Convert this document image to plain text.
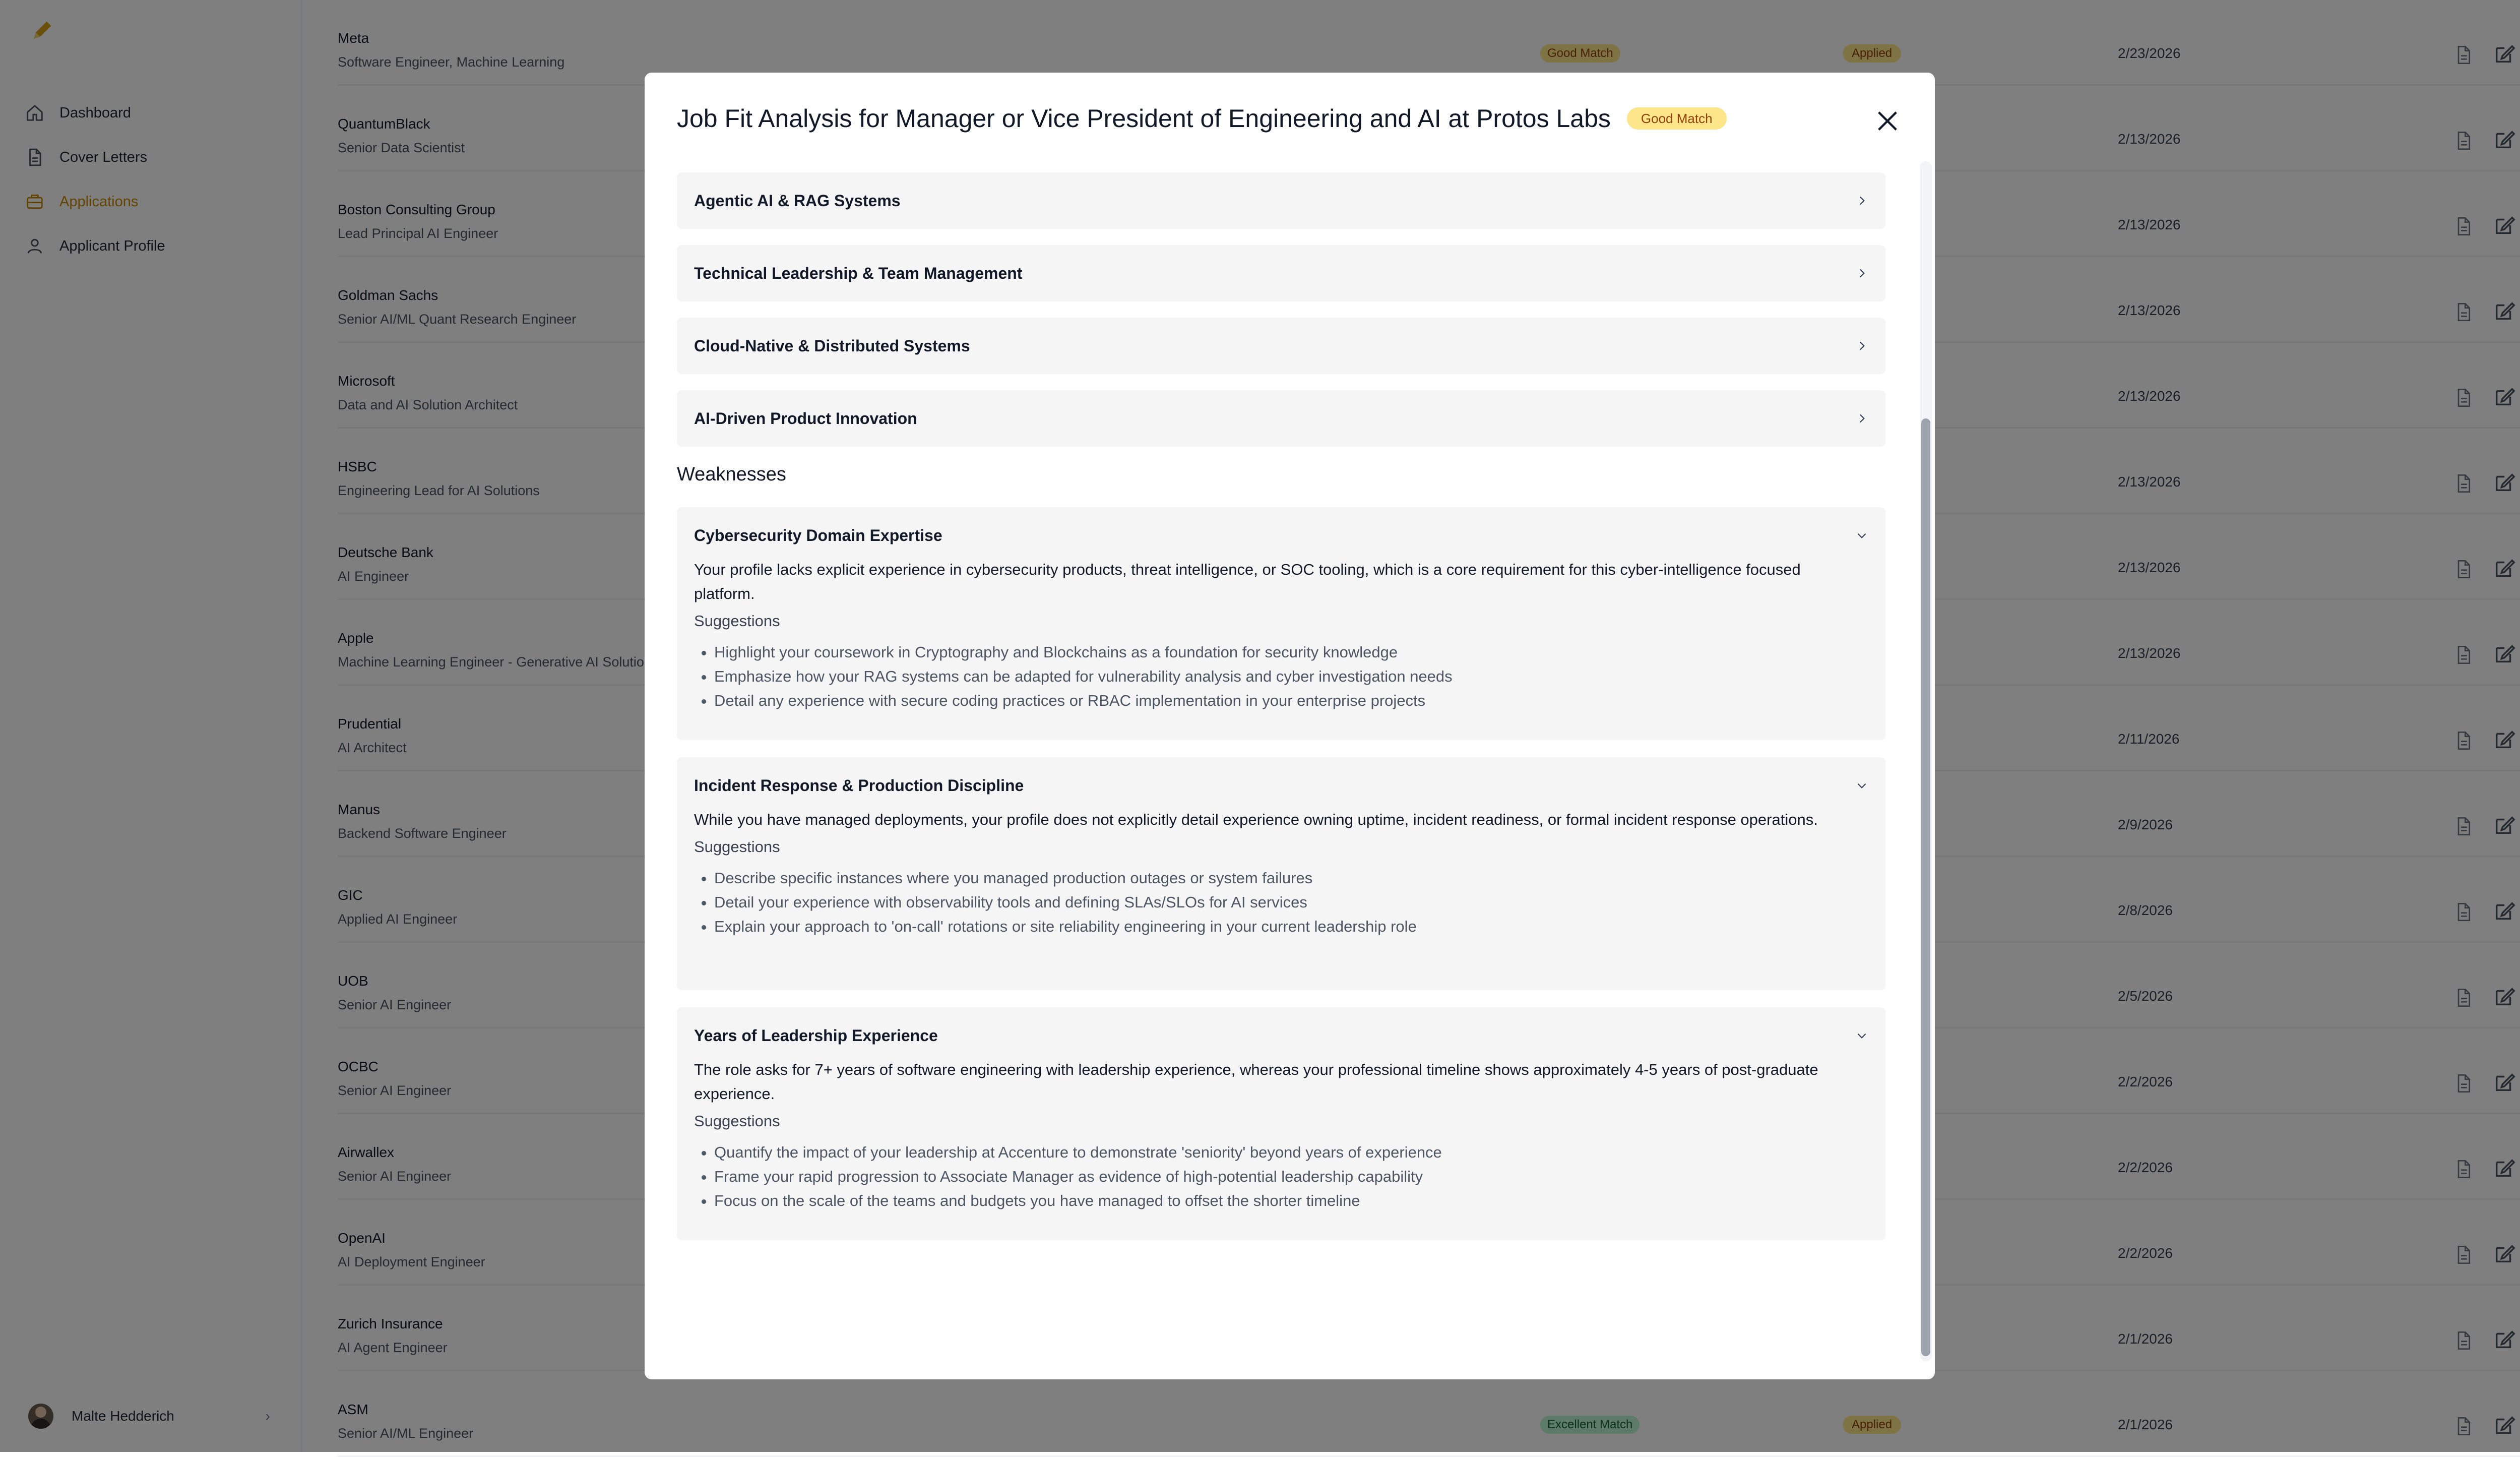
Job Fit Analysis for Manager or Vice President of Engineering and AI at Protos Labs	Good Match
Agentic AI & RAG Systems
Technical Leadership & Team Management
Cloud-Native & Distributed Systems
AI-Driven Product Innovation
Weaknesses
Cybersecurity Domain Expertise
Your profile lacks explicit experience in cybersecurity products, threat intelligence, or SOC tooling, which is a core requirement for this cyber-intelligence focused platform.
Suggestions
• Highlight your coursework in Cryptography and Blockchains as a foundation for security knowledge
• Emphasize how your RAG systems can be adapted for vulnerability analysis and cyber investigation needs
• Detail any experience with secure coding practices or RBAC implementation in your enterprise projects
Incident Response & Production Discipline
While you have managed deployments, your profile does not explicitly detail experience owning uptime, incident readiness, or formal incident response operations.
Suggestions
• Describe specific instances where you managed production outages or system failures
• Detail your experience with observability tools and defining SLAs/SLOs for AI services
• Explain your approach to 'on-call' rotations or site reliability engineering in your current leadership role
Years of Leadership Experience
The role asks for 7+ years of software engineering with leadership experience, whereas your professional timeline shows approximately 4-5 years of post-graduate experience.
Suggestions
• Quantify the impact of your leadership at Accenture to demonstrate 'seniority' beyond years of experience
• Frame your rapid progression to Associate Manager as evidence of high-potential leadership capability
• Focus on the scale of the teams and budgets you have managed to offset the shorter timeline
